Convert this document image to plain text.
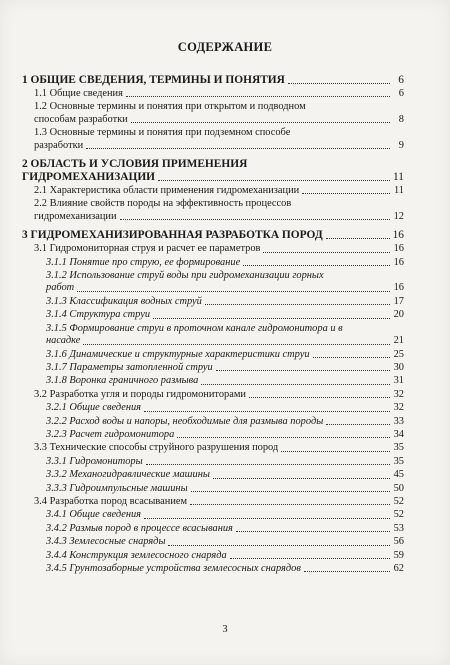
СОДЕРЖАНИЕ
1 ОБЩИЕ СВЕДЕНИЯ, ТЕРМИНЫ И ПОНЯТИЯ	6
1.1 Общие сведения	6
1.2 Основные термины и понятия при открытом и подводном
способам разработки	8
1.3 Основные термины и понятия при подземном способе
разработки	9
2 ОБЛАСТЬ И УСЛОВИЯ ПРИМЕНЕНИЯ
ГИДРОМЕХАНИЗАЦИИ	11
2.1 Характеристика области применения гидромеханизации	11
2.2 Влияние свойств породы на эффективность процессов
гидромеханизации	12
3 ГИДРОМЕХАНИЗИРОВАННАЯ РАЗРАБОТКА ПОРОД	16
3.1 Гидромониторная струя и расчет ее параметров	16
3.1.1 Понятие про струю, ее формирование	16
3.1.2 Использование струй воды при гидромеханизации горных
работ	16
3.1.3 Классификация водных струй	17
3.1.4 Структура струи	20
3.1.5 Формирование струи в проточном канале гидромонитора и в
насадке	21
3.1.6 Динамические и структурные характеристики струи	25
3.1.7 Параметры затопленной струи	30
3.1.8 Воронка граничного размыва	31
3.2 Разработка угля и породы гидромониторами	32
3.2.1 Общие сведения	32
3.2.2 Расход воды и напоры, необходимые для размыва породы	33
3.2.3 Расчет гидромонитора	34
3.3 Технические способы струйного разрушения пород	35
3.3.1 Гидромониторы	35
3.3.2 Механогидравлические машины	45
3.3.3 Гидроимпульсные машины	50
3.4 Разработка пород всасыванием	52
3.4.1 Общие сведения	52
3.4.2 Размыв пород в процессе всасывания	53
3.4.3 Землесосные снаряды	56
3.4.4 Конструкция землесосного снаряда	59
3.4.5 Грунтозаборные устройства землесосных снарядов	62
3
